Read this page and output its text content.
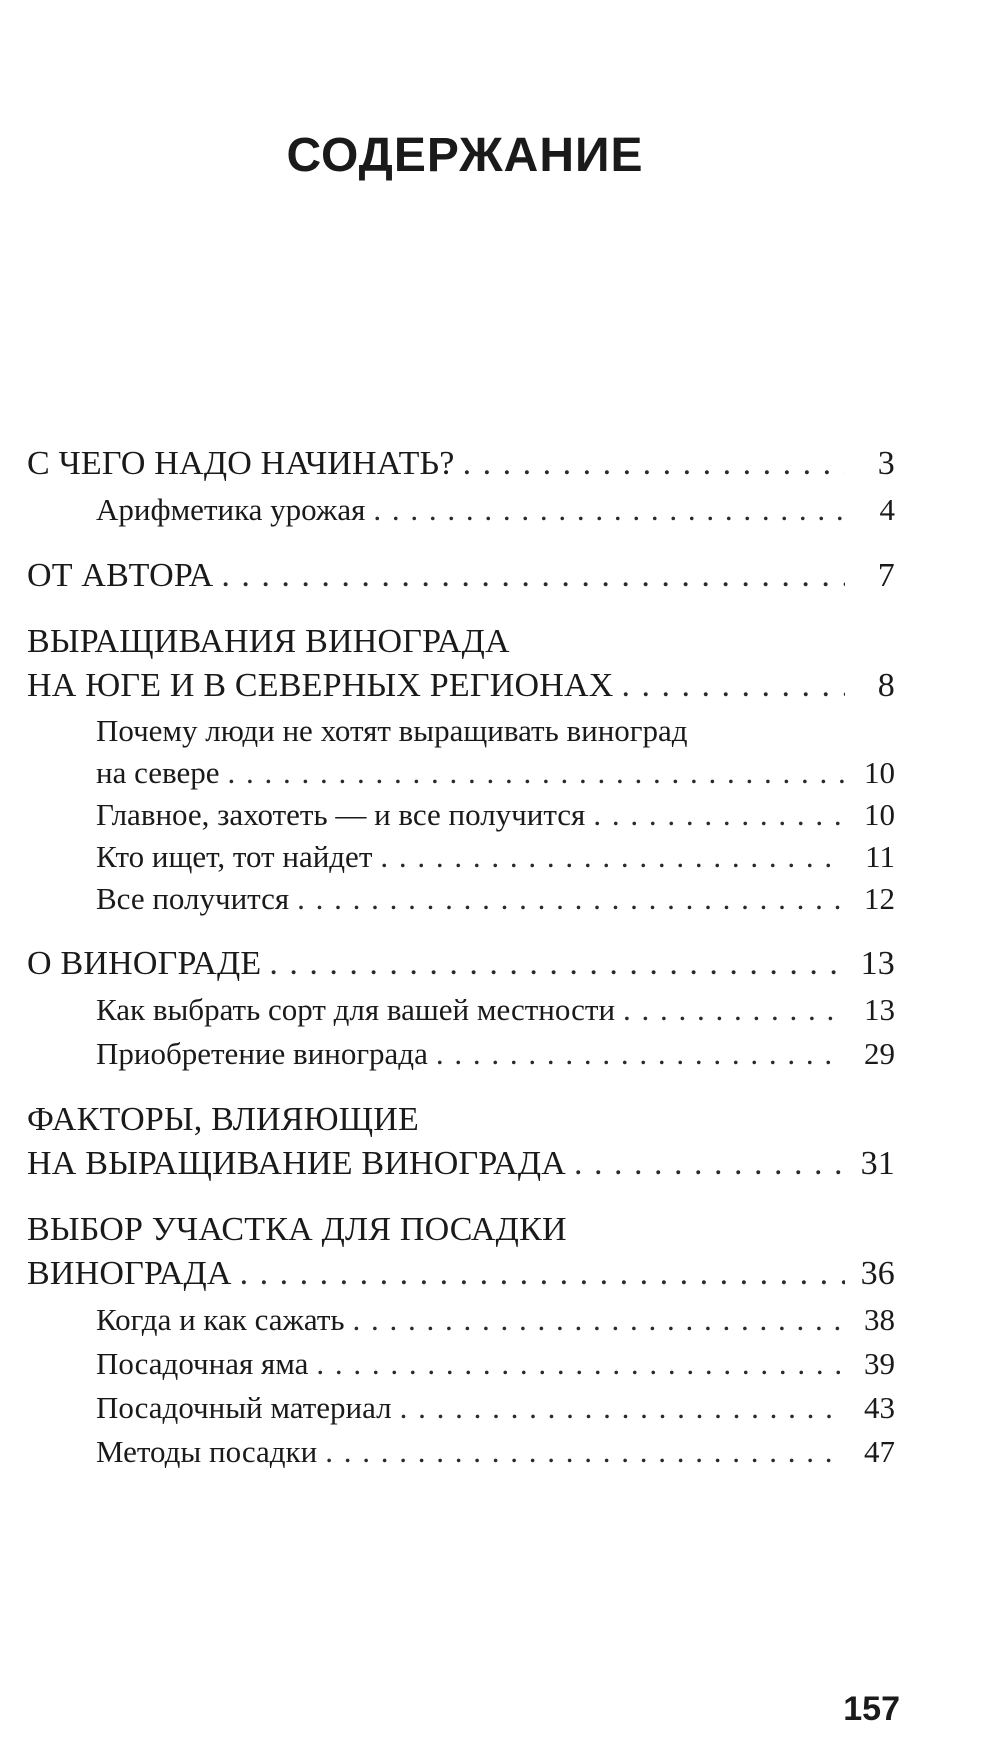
СОДЕРЖАНИЕ
С ЧЕГО НАДО НАЧИНАТЬ? . . .	3
Арифметика урожая . . .	4
ОТ АВТОРА . . .	7
ВЫРАЩИВАНИЯ ВИНОГРАДА
НА ЮГЕ И В СЕВЕРНЫХ РЕГИОНАХ . . .	8
Почему люди не хотят выращивать виноград
на севере . . .	10
Главное, захотеть — и все получится . . .	10
Кто ищет, тот найдет . . .	11
Все получится . . .	12
О ВИНОГРАДЕ . . .	13
Как выбрать сорт для вашей местности . . .	13
Приобретение винограда . . .	29
ФАКТОРЫ, ВЛИЯЮЩИЕ
НА ВЫРАЩИВАНИЕ ВИНОГРАДА . . .	31
ВЫБОР УЧАСТКА ДЛЯ ПОСАДКИ
ВИНОГРАДА . . .	36
Когда и как сажать . . .	38
Посадочная яма . . .	39
Посадочный материал . . .	43
Методы посадки . . .	47
157
